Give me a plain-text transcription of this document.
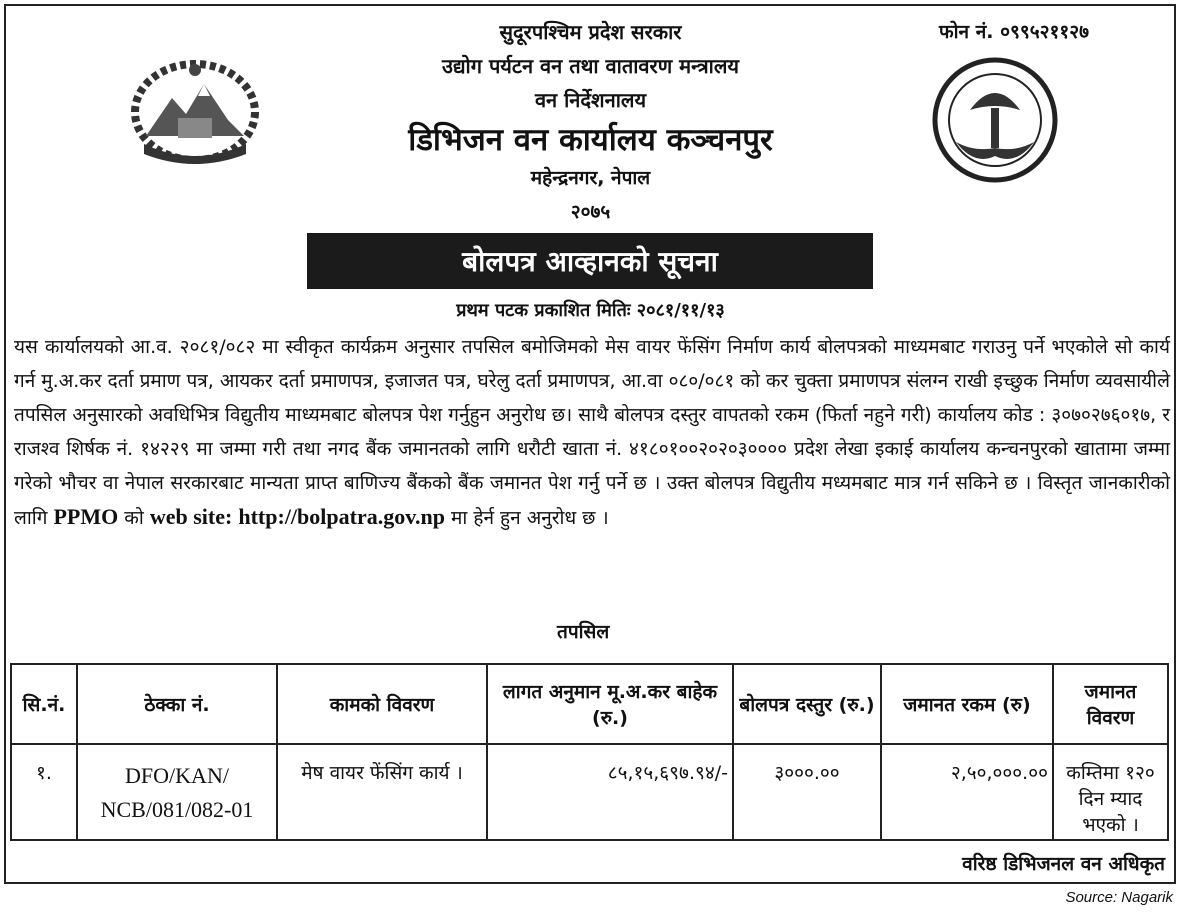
सुदूरपश्चिम प्रदेश सरकार
उद्योग पर्यटन वन तथा वातावरण मन्त्रालय
वन निर्देशनालय
डिभिजन वन कार्यालय कञ्चनपुर
महेन्द्रनगर, नेपाल
२०७५
फोन नं. ०९९५२११२७
बोलपत्र आव्हानको सूचना
प्रथम पटक प्रकाशित मितिः २०८१/११/१३
यस कार्यालयको आ.व. २०८१/०८२ मा स्वीकृत कार्यक्रम अनुसार तपसिल बमोजिमको मेस वायर फेंसिंग निर्माण कार्य बोलपत्रको माध्यमबाट गराउनु पर्ने भएकोले सो कार्य गर्न मु.अ.कर दर्ता प्रमाण पत्र, आयकर दर्ता प्रमाणपत्र, इजाजत पत्र, घरेलु दर्ता प्रमाणपत्र, आ.वा ०८०/०८१ को कर चुक्ता प्रमाणपत्र संलग्न राखी इच्छुक निर्माण व्यवसायीले तपसिल अनुसारको अवधिभित्र विद्युतीय माध्यमबाट बोलपत्र पेश गर्नुहुन अनुरोध छ। साथै बोलपत्र दस्तुर वापतको रकम (फिर्ता नहुने गरी) कार्यालय कोड : ३०७०२७६०१७, र राजश्व शिर्षक नं. १४२२९ मा जम्मा गरी तथा नगद बैंक जमानतको लागि धरौटी खाता नं. ४१८०१००२०२०३०००० प्रदेश लेखा इकाई कार्यालय कन्चनपुरको खातामा जम्मा गरेको भौचर वा नेपाल सरकारबाट मान्यता प्राप्त बाणिज्य बैंकको बैंक जमानत पेश गर्नु पर्ने छ । उक्त बोलपत्र विद्युतीय मध्यमबाट मात्र गर्न सकिने छ । विस्तृत जानकारीको लागि PPMO को web site: http://bolpatra.gov.np मा हेर्न हुन अनुरोध छ ।
तपसिल
सि.नं.	ठेक्का नं.	कामको विवरण	लागत अनुमान मू.अ.कर बाहेक (रु.)	बोलपत्र दस्तुर (रु.)	जमानत रकम (रु)	जमानत विवरण
१.	DFO/KAN/ NCB/081/082-01	मेष वायर फेंसिंग कार्य ।	८५,१५,६९७.९४/-	३०००.००	२,५०,०००.००	कम्तिमा १२० दिन म्याद भएको ।
वरिष्ठ डिभिजनल वन अधिकृत
Source: Nagarik
